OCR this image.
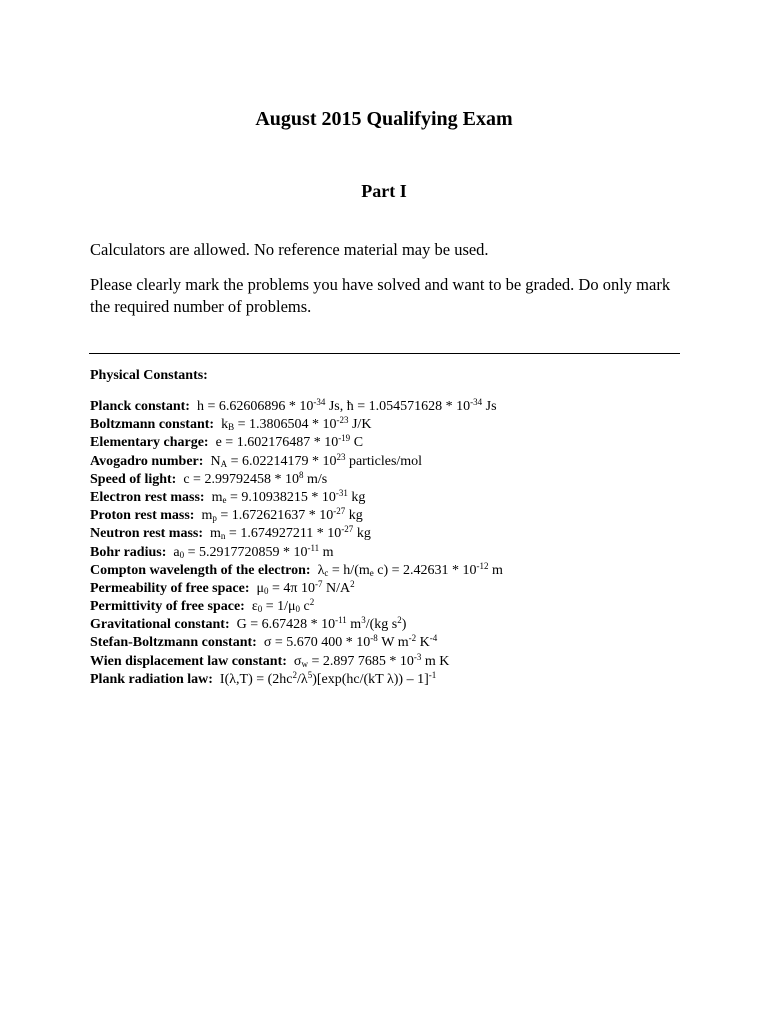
August 2015 Qualifying Exam
Part I
Calculators are allowed. No reference material may be used.
Please clearly mark the problems you have solved and want to be graded. Do only mark the required number of problems.
Physical Constants:
Planck constant: $h = 6.62606896 * 10^{-34}$ Js, ħ = $1.054571628 * 10^{-34}$ Js
Boltzmann constant: $k_B = 1.3806504 * 10^{-23}$ J/K
Elementary charge: $e = 1.602176487 * 10^{-19}$ C
Avogadro number: $N_A = 6.02214179 * 10^{23}$ particles/mol
Speed of light: $c = 2.99792458 * 10^8$ m/s
Electron rest mass: $m_e = 9.10938215 * 10^{-31}$ kg
Proton rest mass: $m_p = 1.672621637 * 10^{-27}$ kg
Neutron rest mass: $m_n = 1.674927211 * 10^{-27}$ kg
Bohr radius: $a_0 = 5.2917720859 * 10^{-11}$ m
Compton wavelength of the electron: $\lambda_c = h/(m_e$ $c) = 2.42631 * 10^{-12}$ m
Permeability of free space: $\mu_0 = 4\pi$ $10^{-7}$ $N/A^2$
Permittivity of free space: $\varepsilon_0 = 1/\mu_0$ $c^2$
Gravitational constant: $G = 6.67428 * 10^{-11}$ $m^3/(kg$ $s^2$)
Stefan-Boltzmann constant: σ = 5.670 $400 * 10^{-8}$ W $m^{-2}$ $K^{-4}$
Wien displacement law constant: $\sigma_w = 2.897$ $7685 * 10^{-3}$ m K
Plank radiation law: $I(\lambda,T) = (2hc^2/\lambda^5)[\exp(hc/(kT$ λ)) – 1]$^{-1}$
